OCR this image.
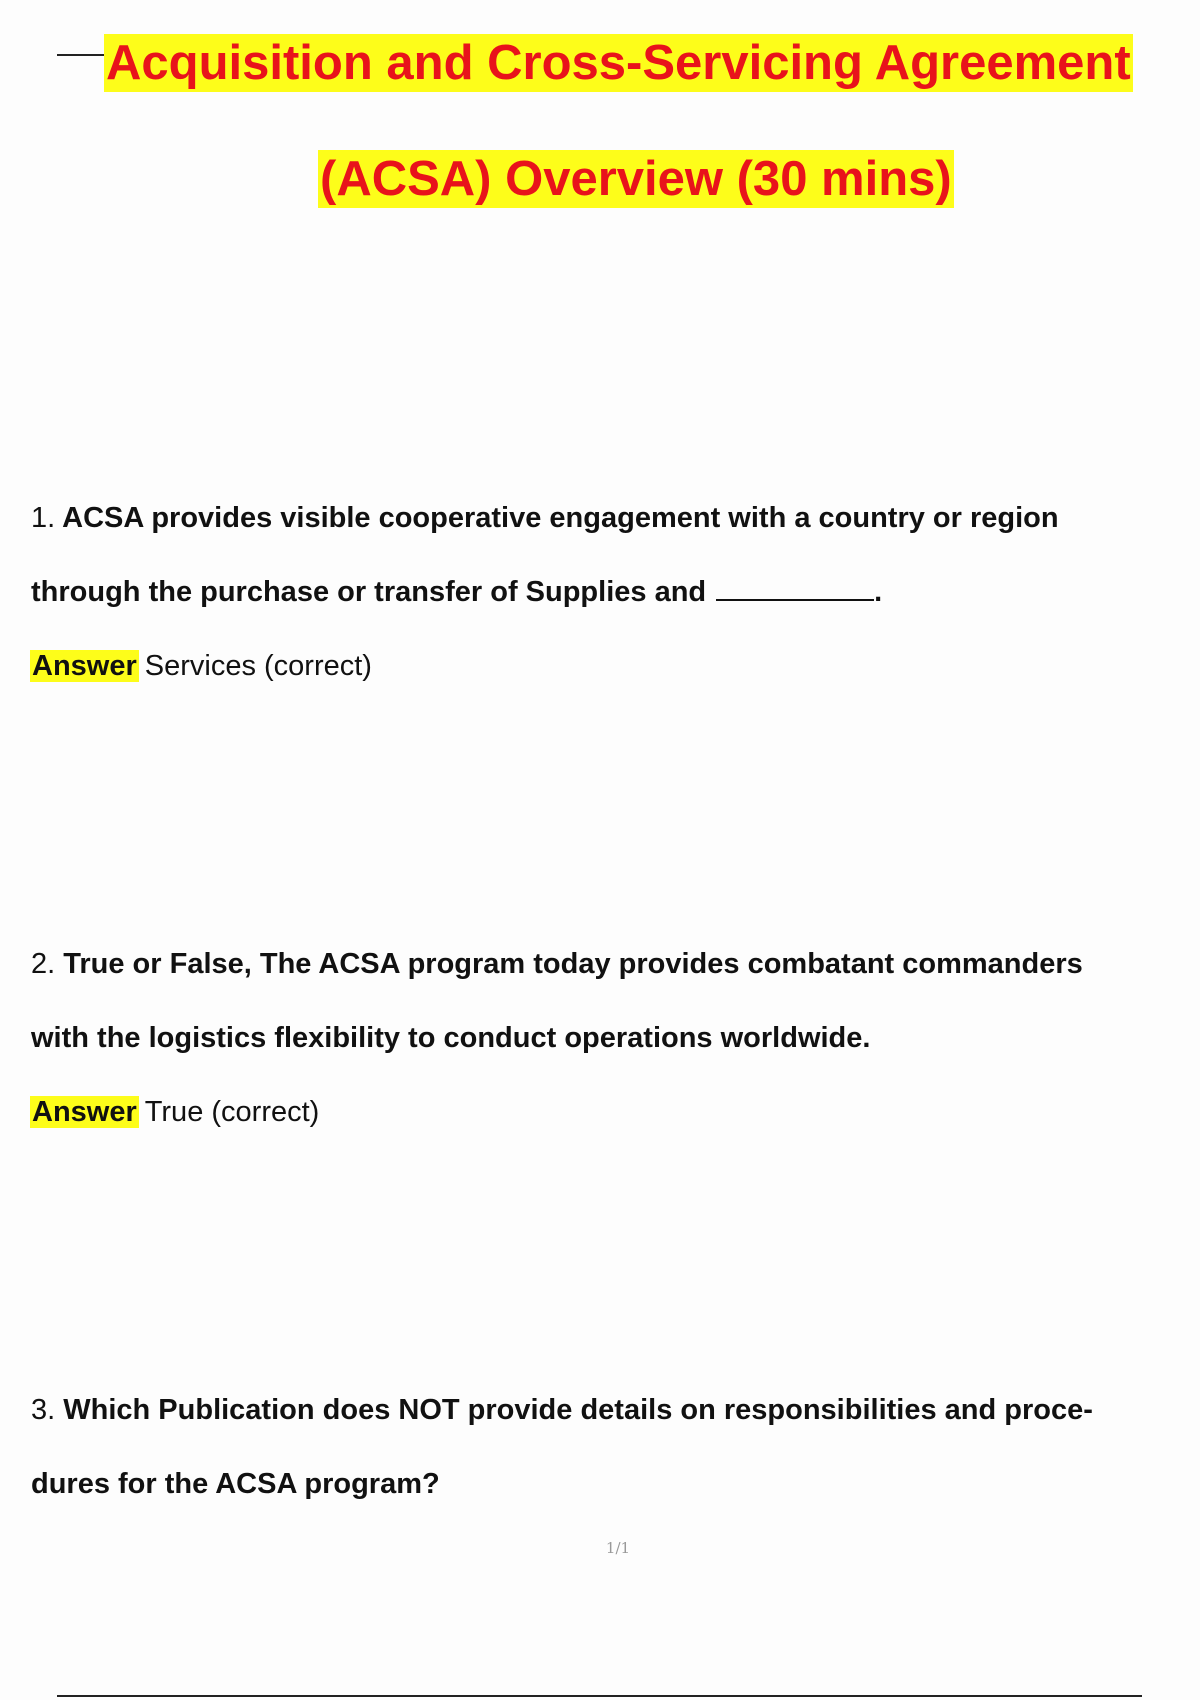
Acquisition and Cross-Servicing Agreement
(ACSA) Overview (30 mins)
1. ACSA provides visible cooperative engagement with a country or region
through the purchase or transfer of Supplies and	.
Answer Services (correct)
2. True or False, The ACSA program today provides combatant commanders
with the logistics flexibility to conduct operations worldwide.
Answer True (correct)
3. Which Publication does NOT provide details on responsibilities and proce-
dures for the ACSA program?
1/1
